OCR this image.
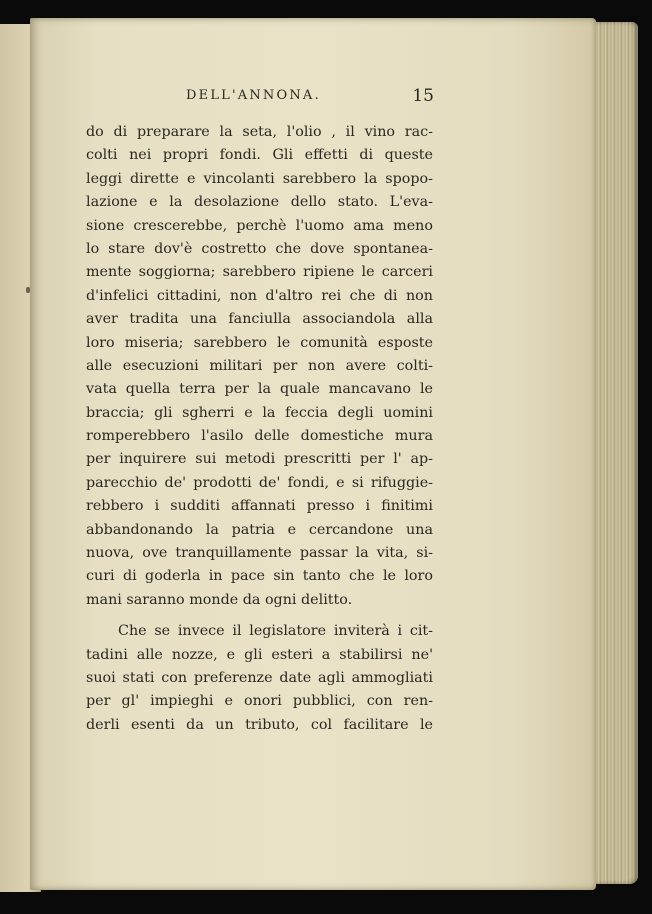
DELL'ANNONA.	15
do di preparare la seta, l'olio , il vino rac-
colti nei propri fondi. Gli effetti di queste
leggi dirette e vincolanti sarebbero la spopo-
lazione e la desolazione dello stato. L'eva-
sione crescerebbe, perchè l'uomo ama meno
lo stare dov'è costretto che dove spontanea-
mente soggiorna; sarebbero ripiene le carceri
d'infelici cittadini, non d'altro rei che di non
aver tradita una fanciulla associandola alla
loro miseria; sarebbero le comunità esposte
alle esecuzioni militari per non avere colti-
vata quella terra per la quale mancavano le
braccia; gli sgherri e la feccia degli uomini
romperebbero l'asilo delle domestiche mura
per inquirere sui metodi prescritti per l' ap-
parecchio de' prodotti de' fondi, e si rifuggie-
rebbero i sudditi affannati presso i finitimi
abbandonando la patria e cercandone una
nuova, ove tranquillamente passar la vita, si-
curi di goderla in pace sin tanto che le loro
mani saranno monde da ogni delitto.
Che se invece il legislatore inviterà i cit-
tadini alle nozze, e gli esteri a stabilirsi ne'
suoi stati con preferenze date agli ammogliati
per gl' impieghi e onori pubblici, con ren-
derli esenti da un tributo, col facilitare le
